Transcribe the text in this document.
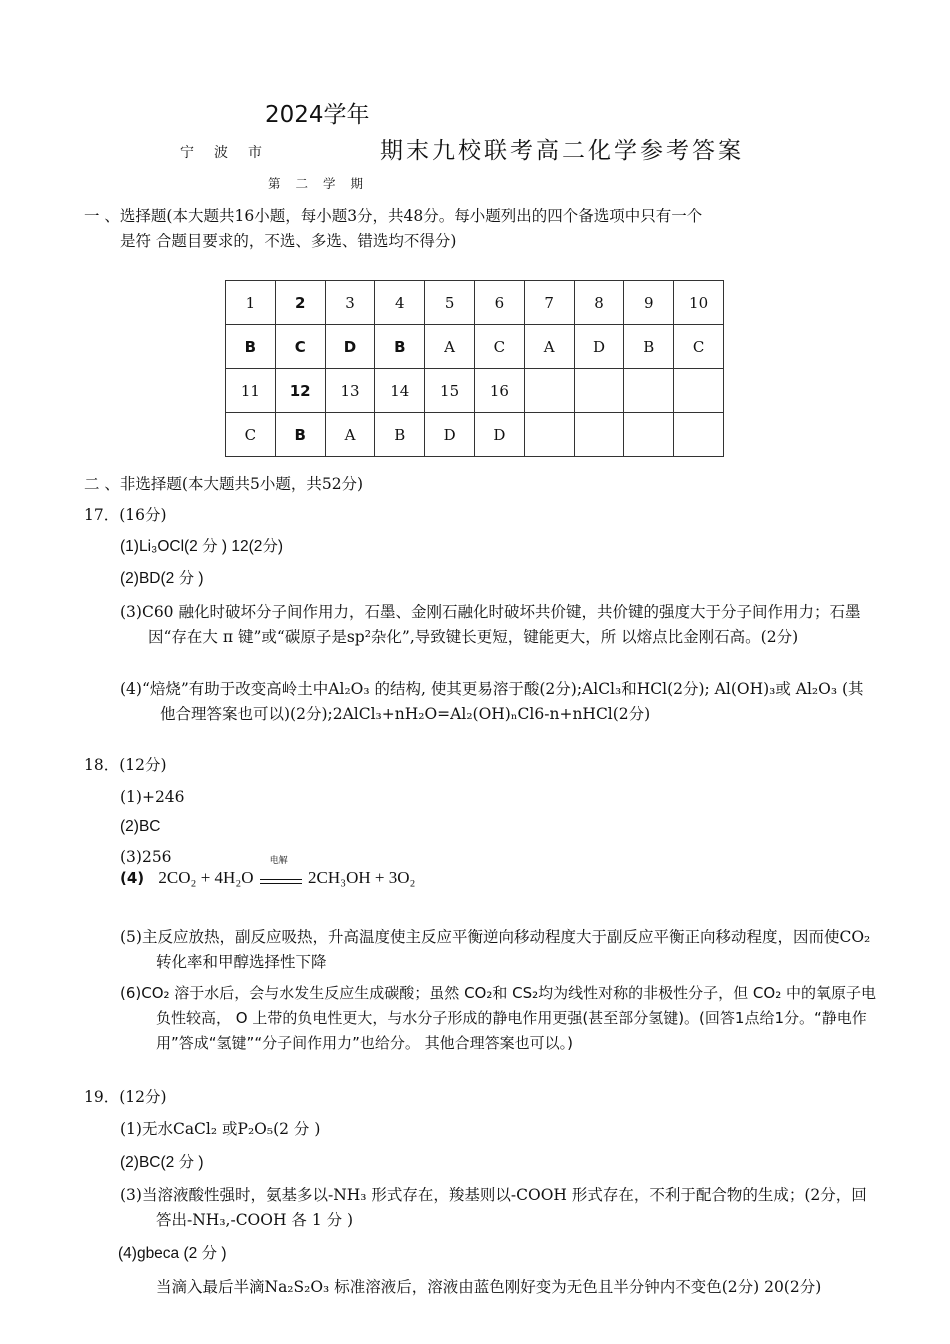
2024学年
宁波市	期末九校联考高二化学参考答案
第二学期
一 、选择题(本大题共16小题，每小题3分，共48分。每小题列出的四个备选项中只有一个
是符 合题目要求的，不选、多选、错选均不得分)
1	2	3	4	5	6	7	8	9	10
B	C	D	B	A	C	A	D	B	C
11	12	13	14	15	16				
C	B	A	B	D	D				
二 、非选择题(本大题共5小题，共52分)
17．(16分)
(1)Li₃OCl(2 分 ) 12(2分)
(2)BD(2 分 )
(3)C60 融化时破坏分子间作用力，石墨、金刚石融化时破坏共价键，共价键的强度大于分子间作用力；石墨因“存在大 π 键”或“碳原子是sp²杂化”,导致键长更短，键能更大，所 以熔点比金刚石高。(2分)
(4)“焙烧”有助于改变高岭土中Al₂O₃ 的结构, 使其更易溶于酸(2分);AlCl₃和HCl(2分); Al(OH)₃或 Al₂O₃ (其他合理答案也可以)(2分);2AlCl₃+nH₂O=Al₂(OH)ₙCl6-n+nHCl(2分)
18．(12分)
(1)+246
(2)BC
(3)256
(4) 2CO₂ + 4H₂O
电解
2CH₃OH + 3O₂
(5)主反应放热，副反应吸热，升高温度使主反应平衡逆向移动程度大于副反应平衡正向移动程度，因而使CO₂ 转化率和甲醇选择性下降
(6)CO₂ 溶于水后，会与水发生反应生成碳酸；虽然 CO₂和 CS₂均为线性对称的非极性分子，但 CO₂ 中的氧原子电负性较高， O 上带的负电性更大，与水分子形成的静电作用更强(甚至部分氢键)。(回答1点给1分。“静电作用”答成“氢键”“分子间作用力”也给分。 其他合理答案也可以。)
19．(12分)
(1)无水CaCl₂ 或P₂O₅(2 分 )
(2)BC(2 分 )
(3)当溶液酸性强时，氨基多以-NH₃ 形式存在，羧基则以-COOH 形式存在，不利于配合物的生成；(2分，回答出-NH₃,-COOH 各 1 分 )
(4)gbeca (2 分 )
当滴入最后半滴Na₂S₂O₃ 标准溶液后，溶液由蓝色刚好变为无色且半分钟内不变色(2分) 20(2分)
